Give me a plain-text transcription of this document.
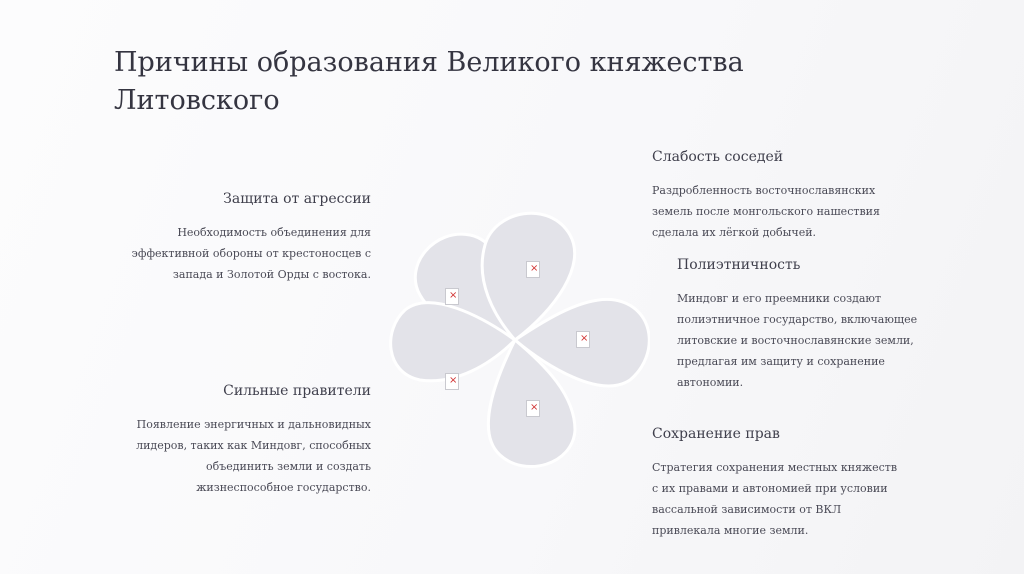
Причины образования Великого княжества Литовского
Защита от агрессии
Необходимость объединения для эффективной обороны от крестоносцев с запада и Золотой Орды с востока.
Сильные правители
Появление энергичных и дальновидных лидеров, таких как Миндовг, способных объединить земли и создать жизнеспособное государство.
Слабость соседей
Раздробленность восточнославянских земель после монгольского нашествия сделала их лёгкой добычей.
Полиэтничность
Миндовг и его преемники создают полиэтничное государство, включающее литовские и восточнославянские земли, предлагая им защиту и сохранение автономии.
Сохранение прав
Стратегия сохранения местных княжеств с их правами и автономией при условии вассальной зависимости от ВКЛ привлекала многие земли.
×
×
×
×
×
